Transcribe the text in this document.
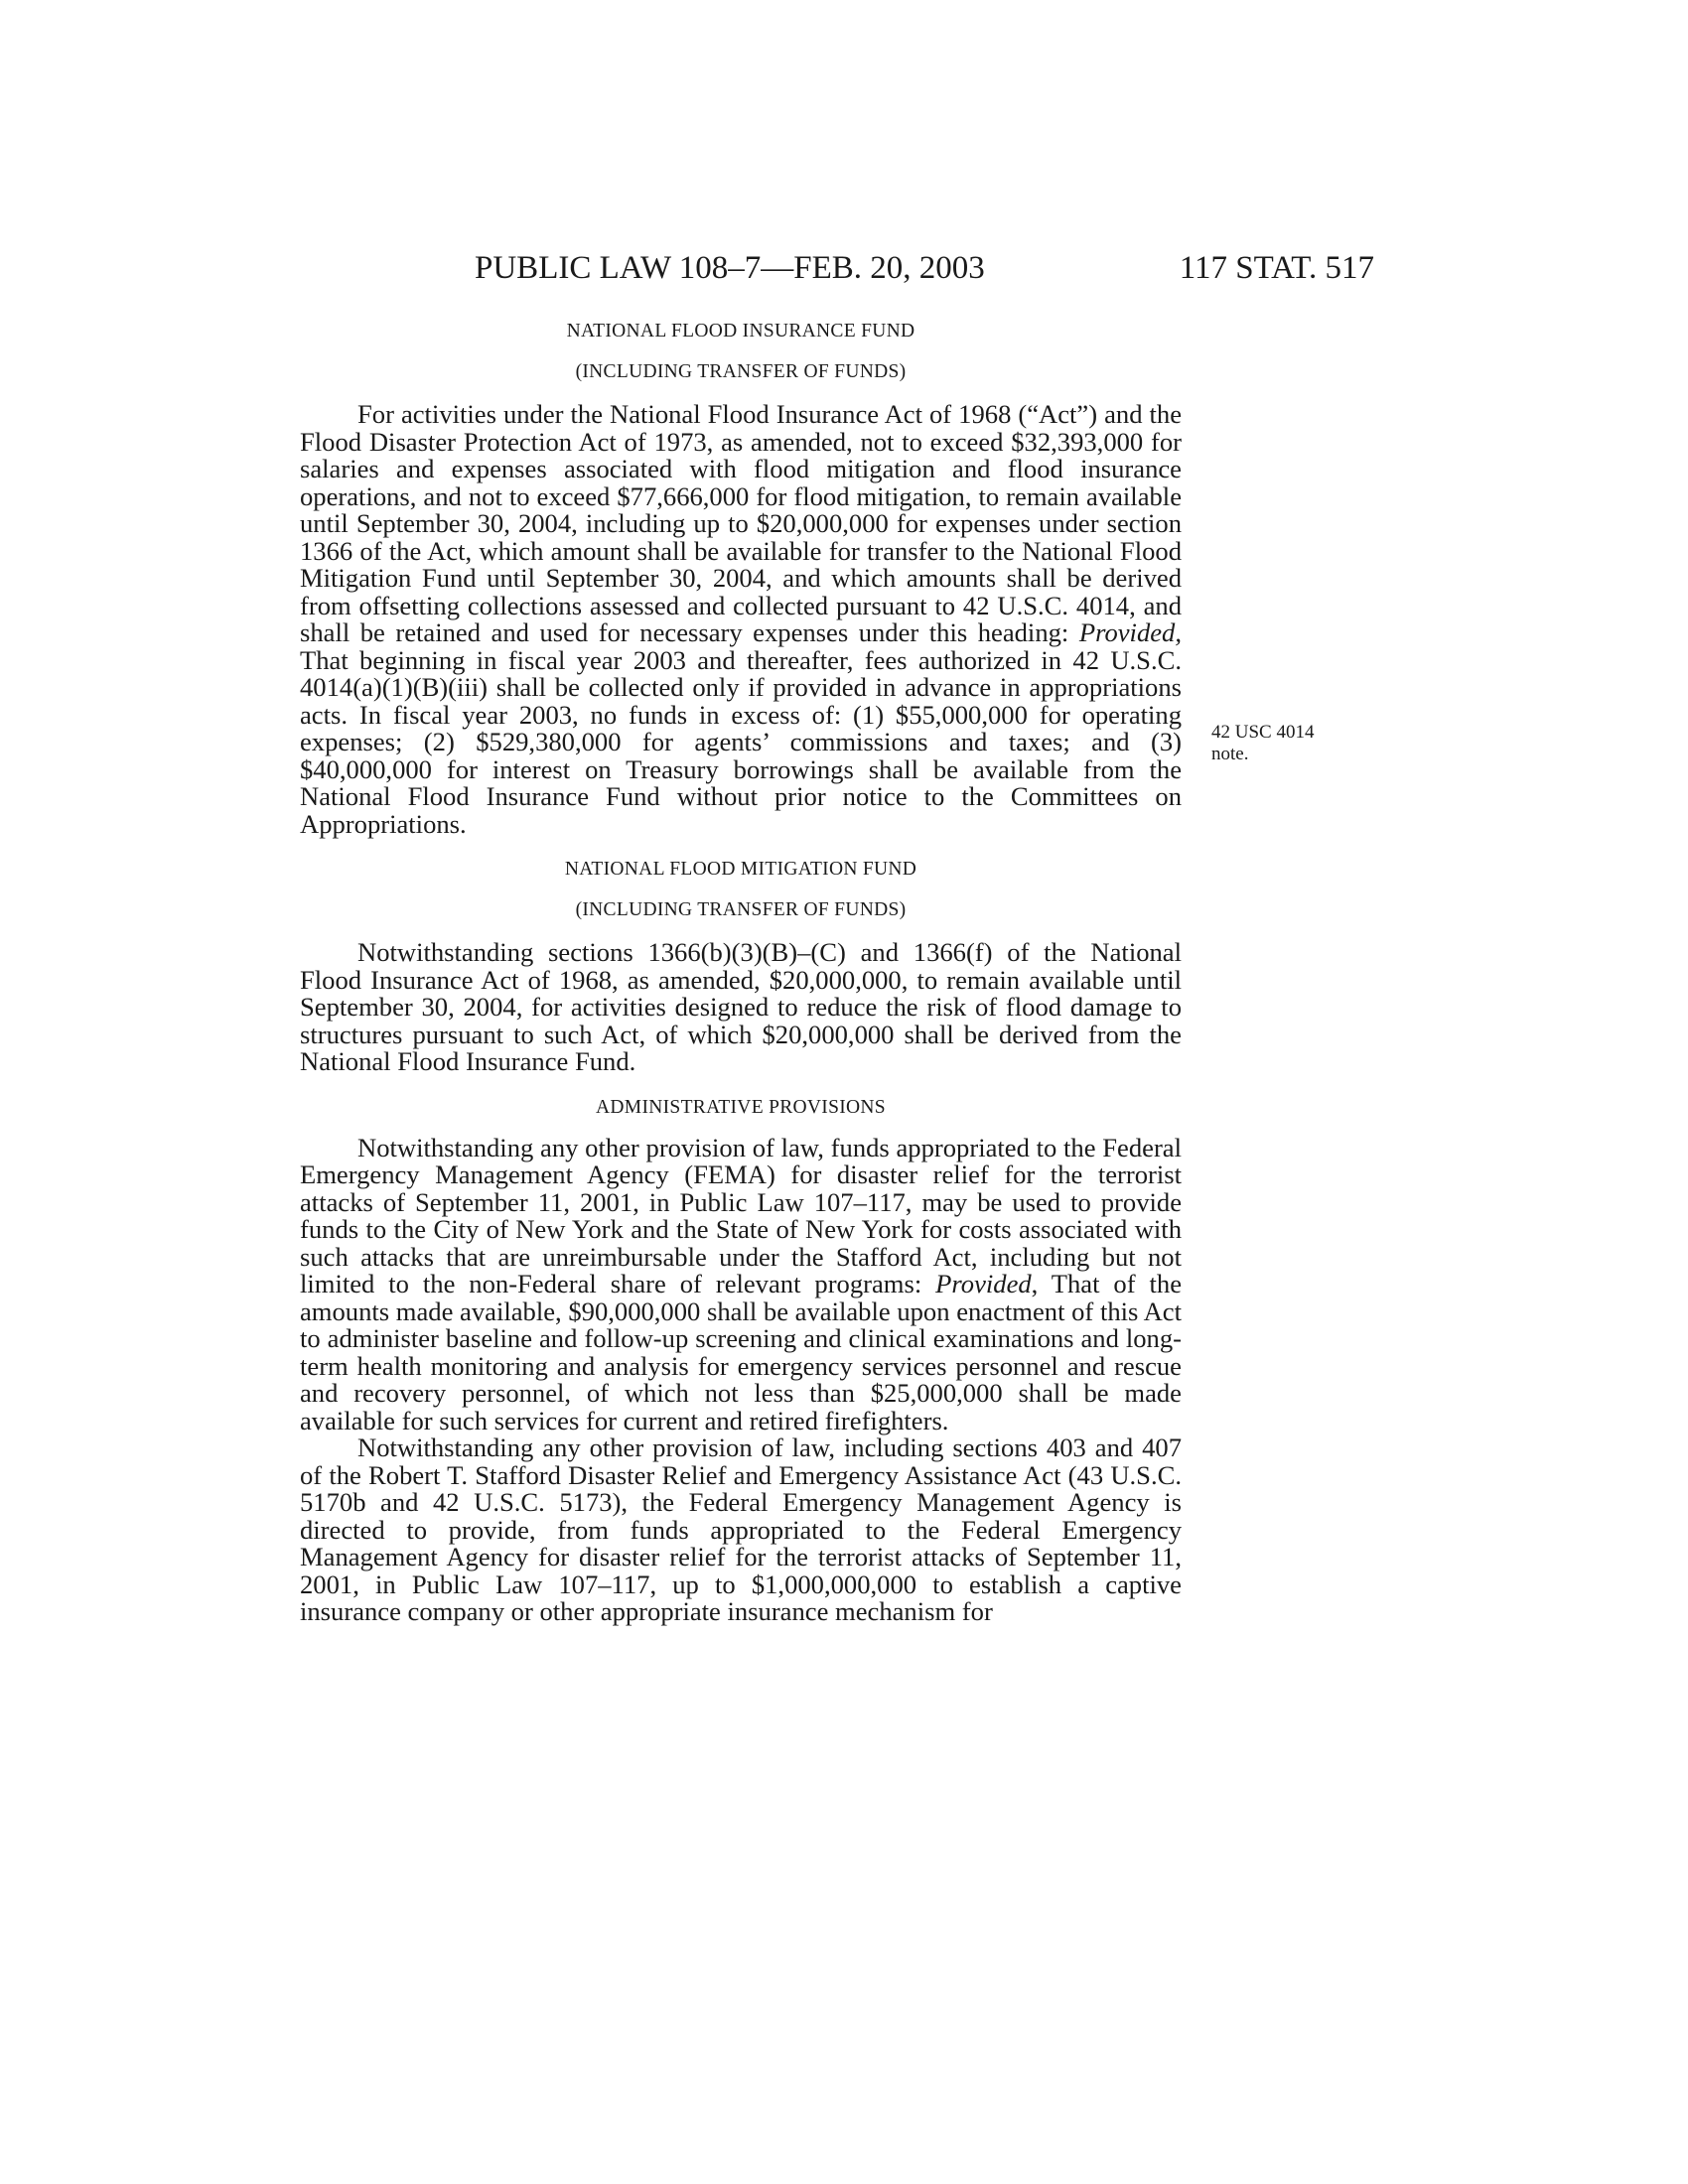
PUBLIC LAW 108–7—FEB. 20, 2003	117 STAT. 517
42 USC 4014
note.

NATIONAL FLOOD INSURANCE FUND

(INCLUDING TRANSFER OF FUNDS)

For activities under the National Flood Insurance Act of 1968 (“Act”) and the Flood Disaster Protection Act of 1973, as amended, not to exceed $32,393,000 for salaries and expenses associated with flood mitigation and flood insurance operations, and not to exceed $77,666,000 for flood mitigation, to remain available until September 30, 2004, including up to $20,000,000 for expenses under section 1366 of the Act, which amount shall be available for transfer to the National Flood Mitigation Fund until September 30, 2004, and which amounts shall be derived from offsetting collections assessed and collected pursuant to 42 U.S.C. 4014, and shall be retained and used for necessary expenses under this heading: Provided, That beginning in fiscal year 2003 and thereafter, fees authorized in 42 U.S.C. 4014(a)(1)(B)(iii) shall be collected only if provided in advance in appropriations acts. In fiscal year 2003, no funds in excess of: (1) $55,000,000 for operating expenses; (2) $529,380,000 for agents’ commissions and taxes; and (3) $40,000,000 for interest on Treasury borrowings shall be available from the National Flood Insurance Fund without prior notice to the Committees on Appropriations.

NATIONAL FLOOD MITIGATION FUND

(INCLUDING TRANSFER OF FUNDS)

Notwithstanding sections 1366(b)(3)(B)–(C) and 1366(f) of the National Flood Insurance Act of 1968, as amended, $20,000,000, to remain available until September 30, 2004, for activities designed to reduce the risk of flood damage to structures pursuant to such Act, of which $20,000,000 shall be derived from the National Flood Insurance Fund.

ADMINISTRATIVE PROVISIONS

Notwithstanding any other provision of law, funds appropriated to the Federal Emergency Management Agency (FEMA) for disaster relief for the terrorist attacks of September 11, 2001, in Public Law 107–117, may be used to provide funds to the City of New York and the State of New York for costs associated with such attacks that are unreimbursable under the Stafford Act, including but not limited to the non-Federal share of relevant programs: Provided, That of the amounts made available, $90,000,000 shall be available upon enactment of this Act to administer baseline and follow-up screening and clinical examinations and long-term health monitoring and analysis for emergency services personnel and rescue and recovery personnel, of which not less than $25,000,000 shall be made available for such services for current and retired firefighters.

Notwithstanding any other provision of law, including sections 403 and 407 of the Robert T. Stafford Disaster Relief and Emergency Assistance Act (43 U.S.C. 5170b and 42 U.S.C. 5173), the Federal Emergency Management Agency is directed to provide, from funds appropriated to the Federal Emergency Management Agency for disaster relief for the terrorist attacks of September 11, 2001, in Public Law 107–117, up to $1,000,000,000 to establish a captive insurance company or other appropriate insurance mechanism for
